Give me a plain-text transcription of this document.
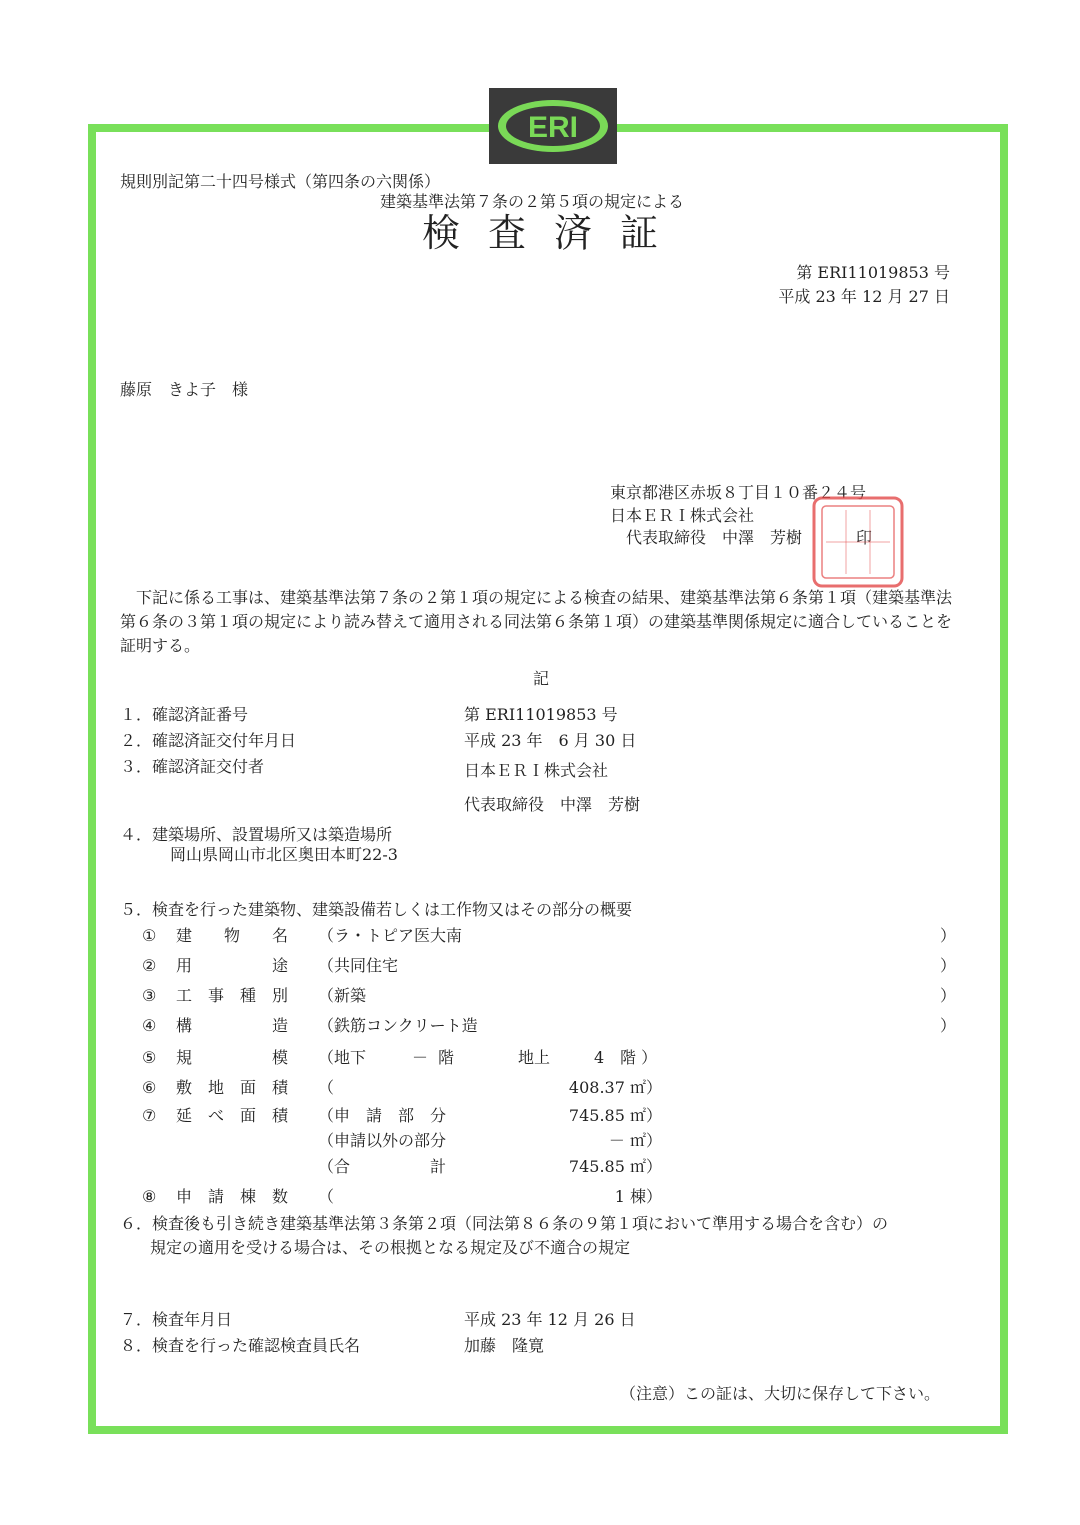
ERI
規則別記第二十四号様式（第四条の六関係）
建築基準法第７条の２第５項の規定による
検査済証
第 ERI11019853 号
平成 23 年 12 月 27 日
藤原　きよ子　様
東京都港区赤坂８丁目１０番２４号
日本ＥＲＩ株式会社
代表取締役　中澤　芳樹	印
下記に係る工事は、建築基準法第７条の２第１項の規定による検査の結果、建築基準法第６条第１項（建築基準法第６条の３第１項の規定により読み替えて適用される同法第６条第１項）の建築基準関係規定に適合していることを証明する。
記
１．確認済証番号	第 ERI11019853 号
２．確認済証交付年月日	平成 23 年　6 月 30 日
３．確認済証交付者	日本ＥＲＩ株式会社
代表取締役　中澤　芳樹
４．建築場所、設置場所又は築造場所
岡山県岡山市北区奥田本町22-3
５．検査を行った建築物、建築設備若しくは工作物又はその部分の概要
① 建　　物　　名 （ラ・トピア医大南	）
② 用　　　　　途 （共同住宅	）
③ 工　事　種　別 （新築	）
④ 構　　　　　造 （鉄筋コンクリート造	）
⑤ 規　　　　　模 （地下	－ 階	地上	4 階 ）
⑥ 敷　地　面　積 （	408.37 ㎡）
⑦ 延　べ　面　積 （申　請　部　分	745.85 ㎡）
（申請以外の部分	－ ㎡）
（合　　　　　計	745.85 ㎡）
⑧ 申　請　棟　数 （	1 棟）
６．検査後も引き続き建築基準法第３条第２項（同法第８６条の９第１項において準用する場合を含む）の
規定の適用を受ける場合は、その根拠となる規定及び不適合の規定
７．検査年月日	平成 23 年 12 月 26 日
８．検査を行った確認検査員氏名	加藤　隆寛
（注意）この証は、大切に保存して下さい。
